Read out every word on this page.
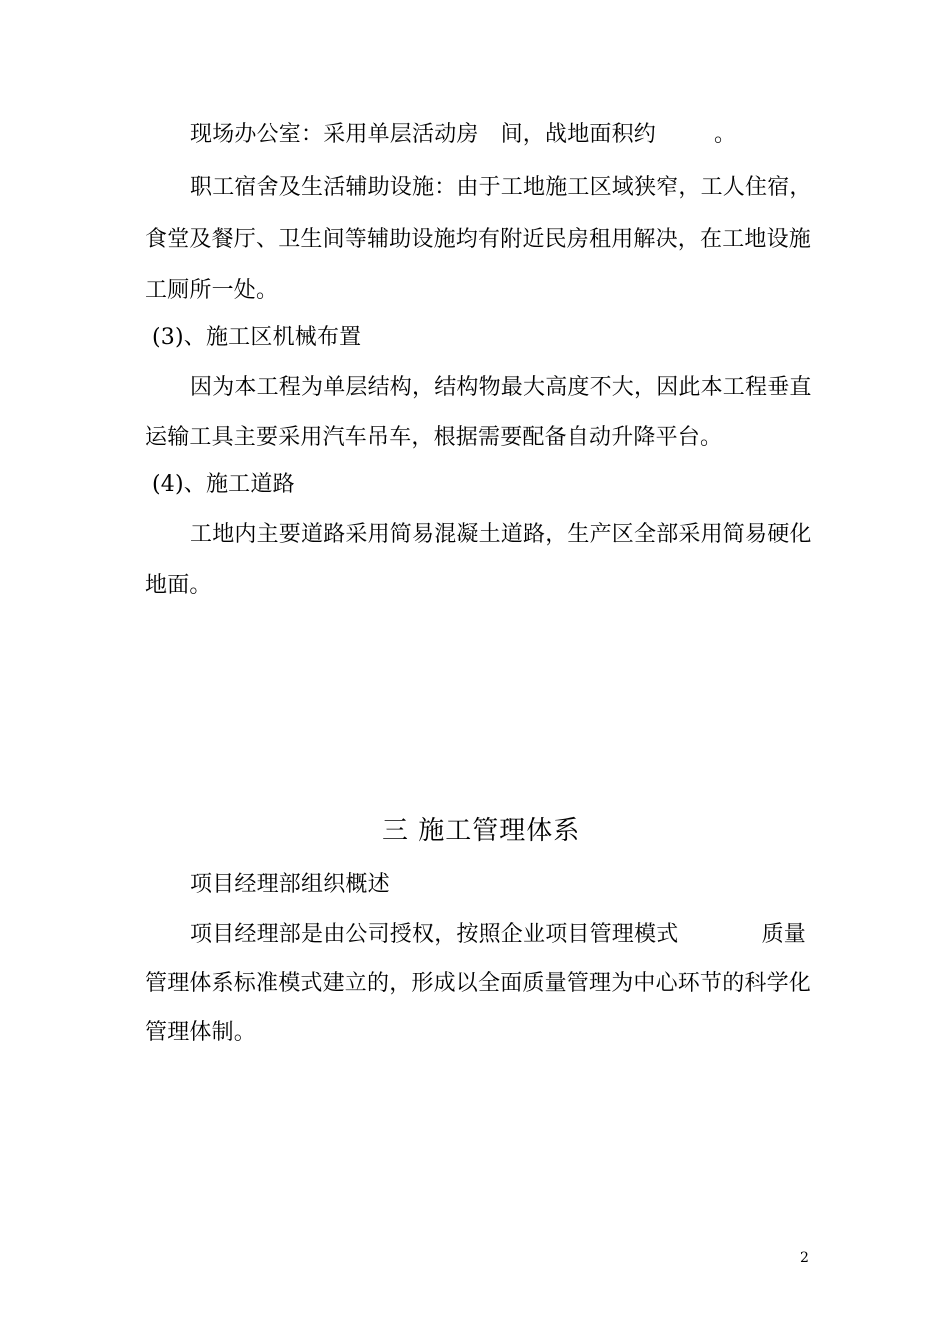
现场办公室：采用单层活动房 间，战地面积约	。
职工宿舍及生活辅助设施：由于工地施工区域狭窄，工人住宿，
食堂及餐厅、卫生间等辅助设施均有附近民房租用解决，在工地设施
工厕所一处。
(3)、施工区机械布置
因为本工程为单层结构，结构物最大高度不大，因此本工程垂直
运输工具主要采用汽车吊车，根据需要配备自动升降平台。
(4)、施工道路
工地内主要道路采用简易混凝土道路，生产区全部采用简易硬化
地面。
三 施工管理体系
项目经理部组织概述
项目经理部是由公司授权，按照企业项目管理模式	质量
管理体系标准模式建立的，形成以全面质量管理为中心环节的科学化
管理体制。
2
